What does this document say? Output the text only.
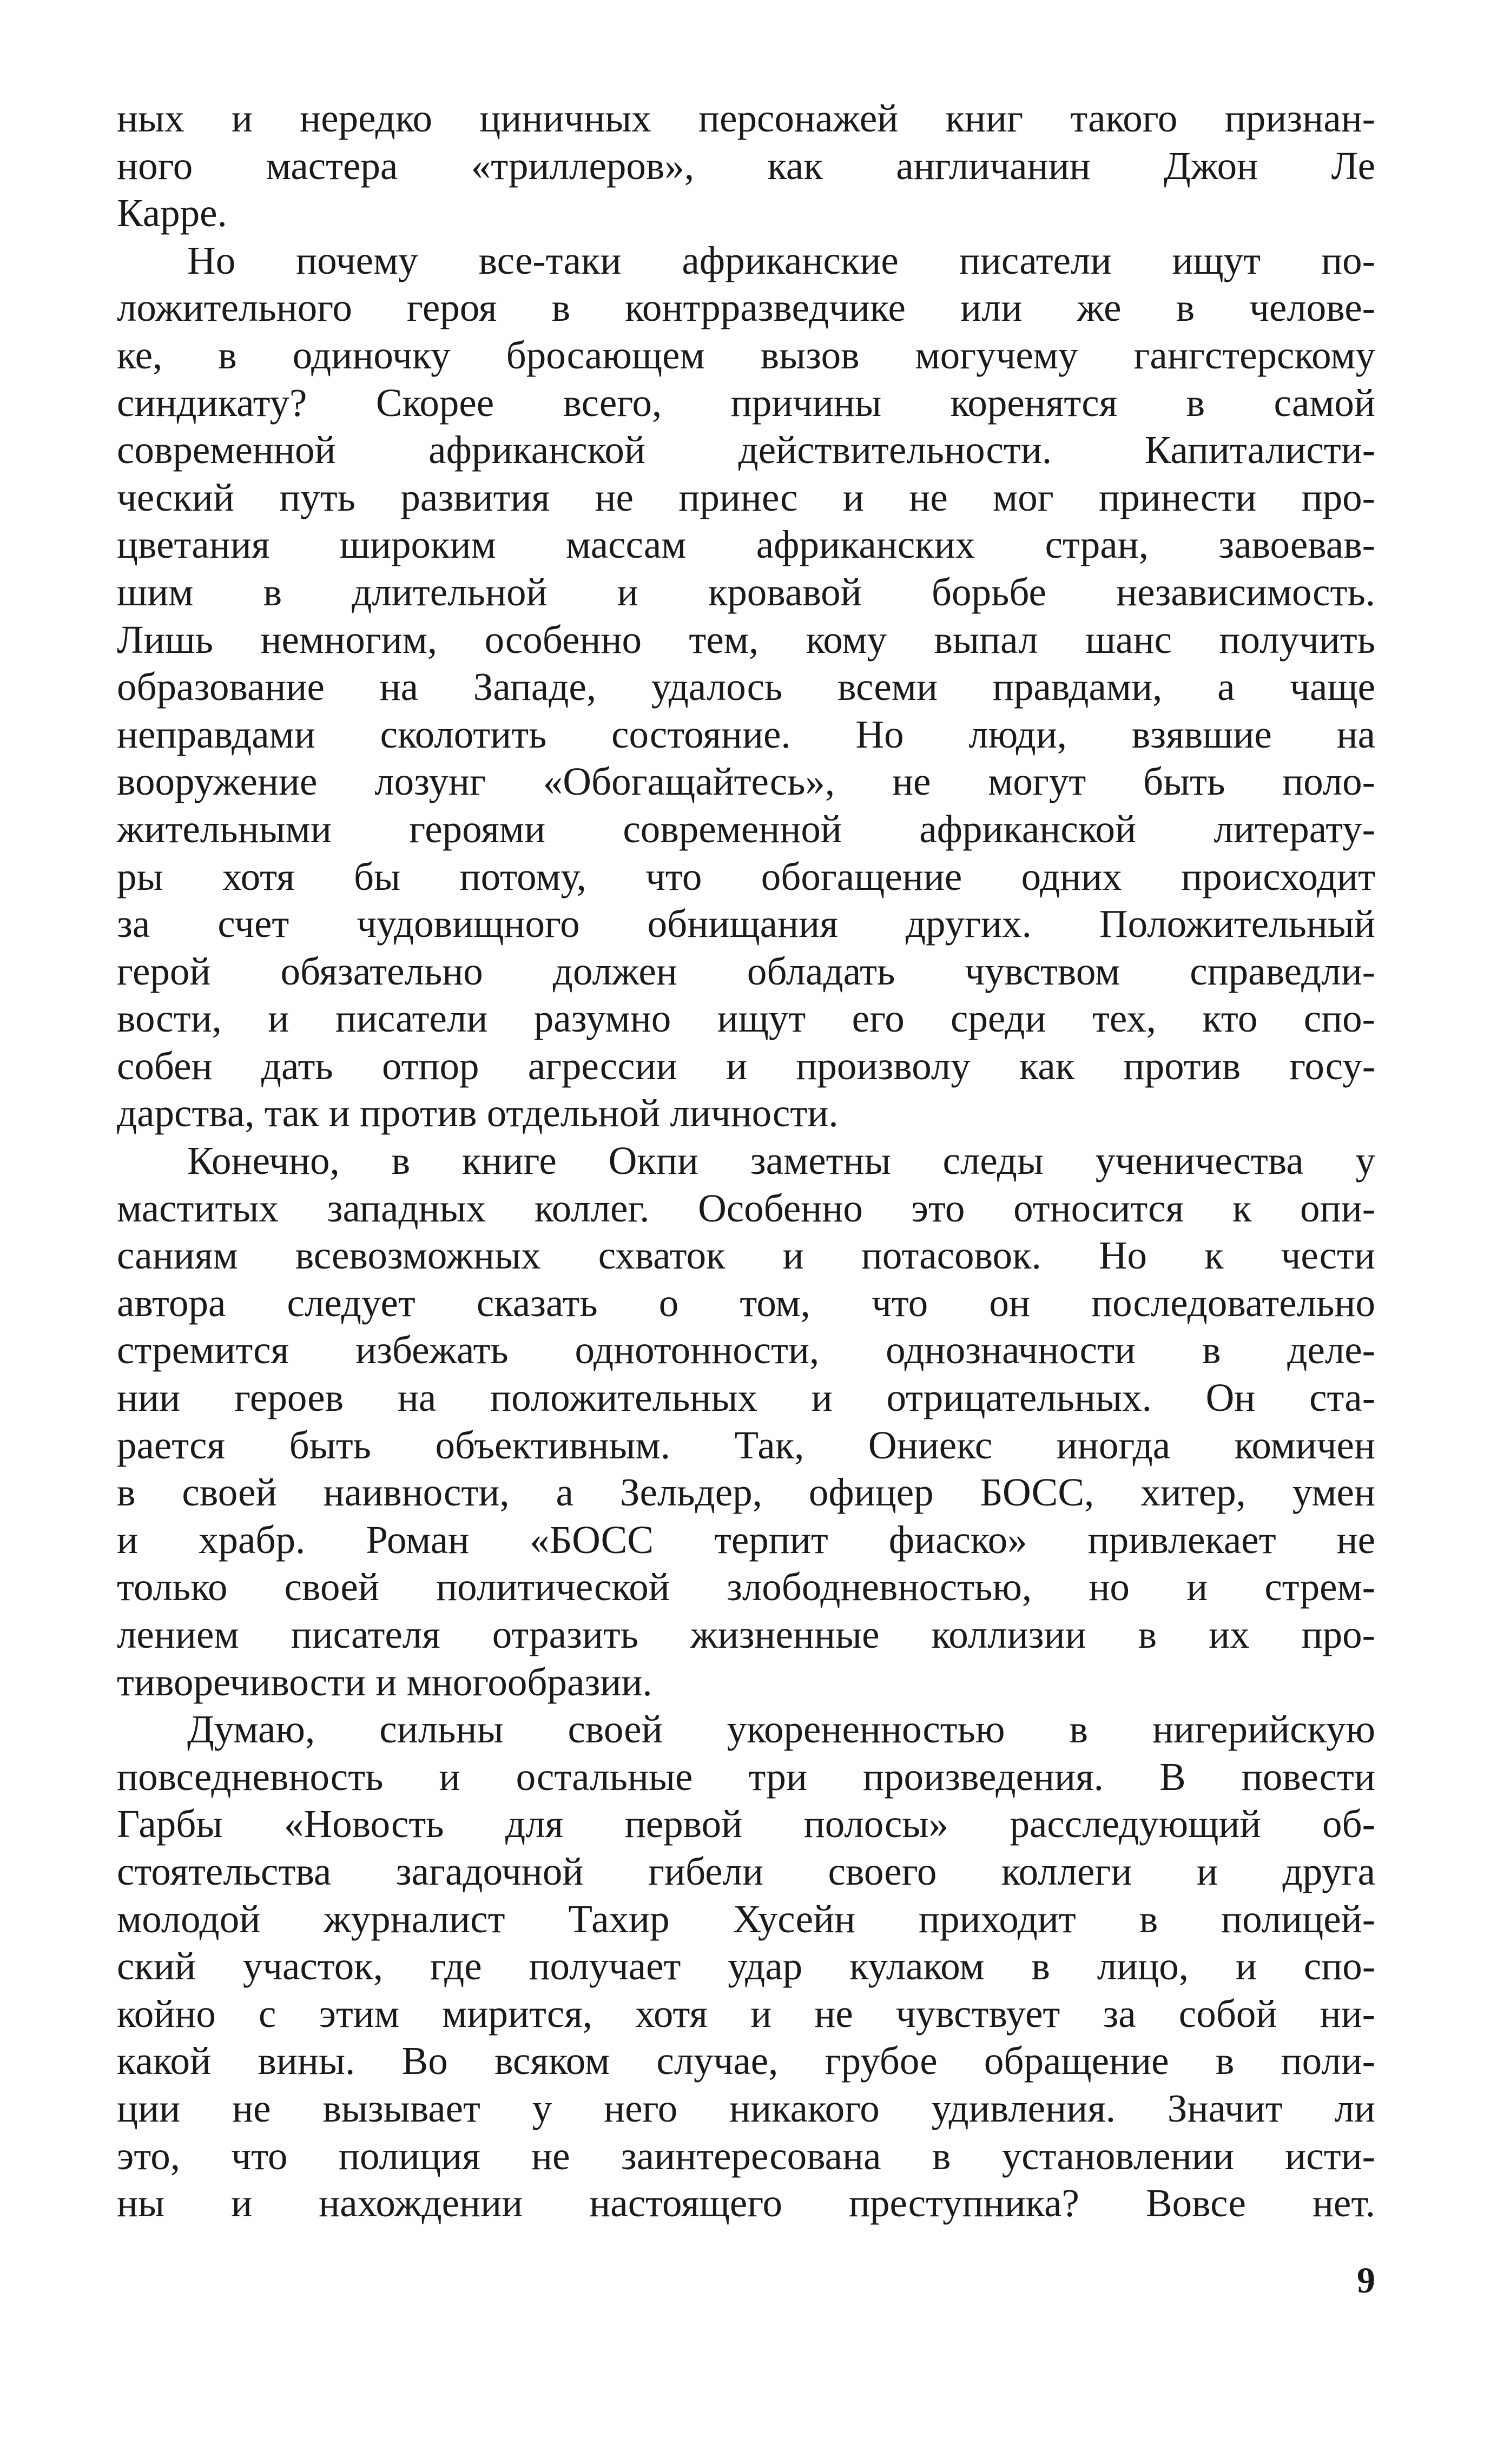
ных и нередко циничных персонажей книг такого признан-
ного мастера «триллеров», как англичанин Джон Ле
Карре.
Но почему все-таки африканские писатели ищут по-
ложительного героя в контрразведчике или же в челове-
ке, в одиночку бросающем вызов могучему гангстерскому
синдикату? Скорее всего, причины коренятся в самой
современной африканской действительности. Капиталисти-
ческий путь развития не принес и не мог принести про-
цветания широким массам африканских стран, завоевав-
шим в длительной и кровавой борьбе независимость.
Лишь немногим, особенно тем, кому выпал шанс получить
образование на Западе, удалось всеми правдами, а чаще
неправдами сколотить состояние. Но люди, взявшие на
вооружение лозунг «Обогащайтесь», не могут быть поло-
жительными героями современной африканской литерату-
ры хотя бы потому, что обогащение одних происходит
за счет чудовищного обнищания других. Положительный
герой обязательно должен обладать чувством справедли-
вости, и писатели разумно ищут его среди тех, кто спо-
собен дать отпор агрессии и произволу как против госу-
дарства, так и против отдельной личности.
Конечно, в книге Окпи заметны следы ученичества у
маститых западных коллег. Особенно это относится к опи-
саниям всевозможных схваток и потасовок. Но к чести
автора следует сказать о том, что он последовательно
стремится избежать однотонности, однозначности в деле-
нии героев на положительных и отрицательных. Он ста-
рается быть объективным. Так, Ониекс иногда комичен
в своей наивности, а Зельдер, офицер БОСС, хитер, умен
и храбр. Роман «БОСС терпит фиаско» привлекает не
только своей политической злободневностью, но и стрем-
лением писателя отразить жизненные коллизии в их про-
тиворечивости и многообразии.
Думаю, сильны своей укорененностью в нигерийскую
повседневность и остальные три произведения. В повести
Гарбы «Новость для первой полосы» расследующий об-
стоятельства загадочной гибели своего коллеги и друга
молодой журналист Тахир Хусейн приходит в полицей-
ский участок, где получает удар кулаком в лицо, и спо-
койно с этим мирится, хотя и не чувствует за собой ни-
какой вины. Во всяком случае, грубое обращение в поли-
ции не вызывает у него никакого удивления. Значит ли
это, что полиция не заинтересована в установлении исти-
ны и нахождении настоящего преступника? Вовсе нет.
9
